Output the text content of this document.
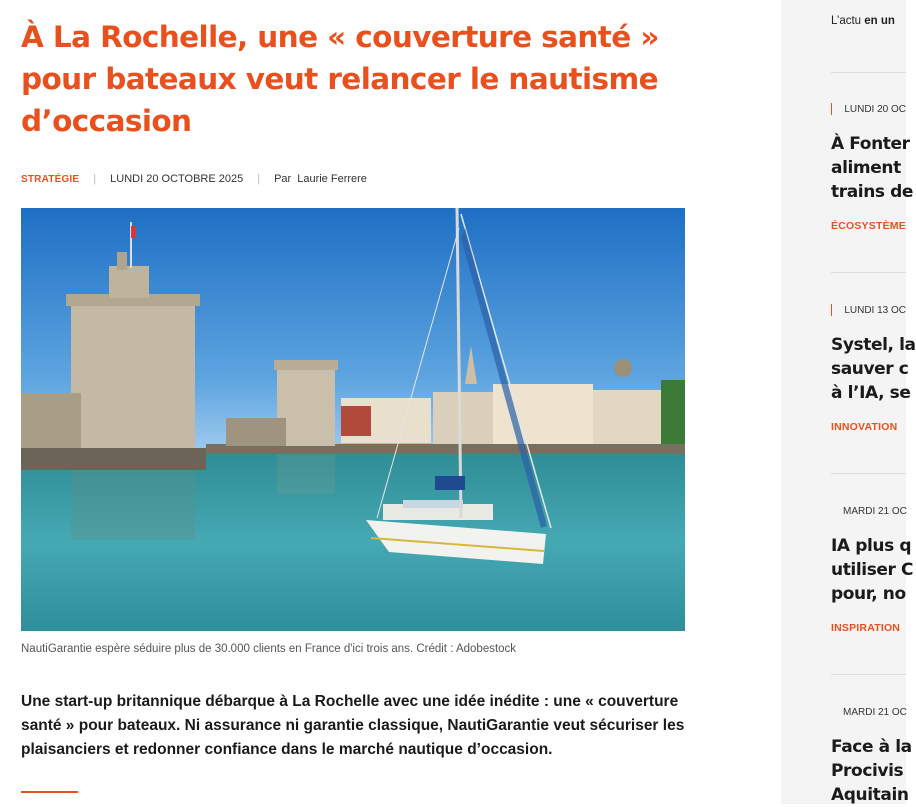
À La Rochelle, une « couverture santé » pour bateaux veut relancer le nautisme d’occasion
STRATÉGIE | LUNDI 20 OCTOBRE 2025 | Par Laurie Ferrere

NautiGarantie espère séduire plus de 30.000 clients en France d'ici trois ans. Crédit : Adobestock

Une start-up britannique débarque à La Rochelle avec une idée inédite : une « couverture santé » pour bateaux. Ni assurance ni garantie classique, NautiGarantie veut sécuriser les plaisanciers et redonner confiance dans le marché nautique d’occasion.

L’actu en un
LUNDI 20 OC
À Fonter
aliment
trains de
ÉCOSYSTÈME
LUNDI 13 OC
Systel, la
sauver c
à l’IA, se
INNOVATION
MARDI 21 OC
IA plus q
utiliser C
pour, no
INSPIRATION
MARDI 21 OC
Face à la
Procivis
Aquitain
